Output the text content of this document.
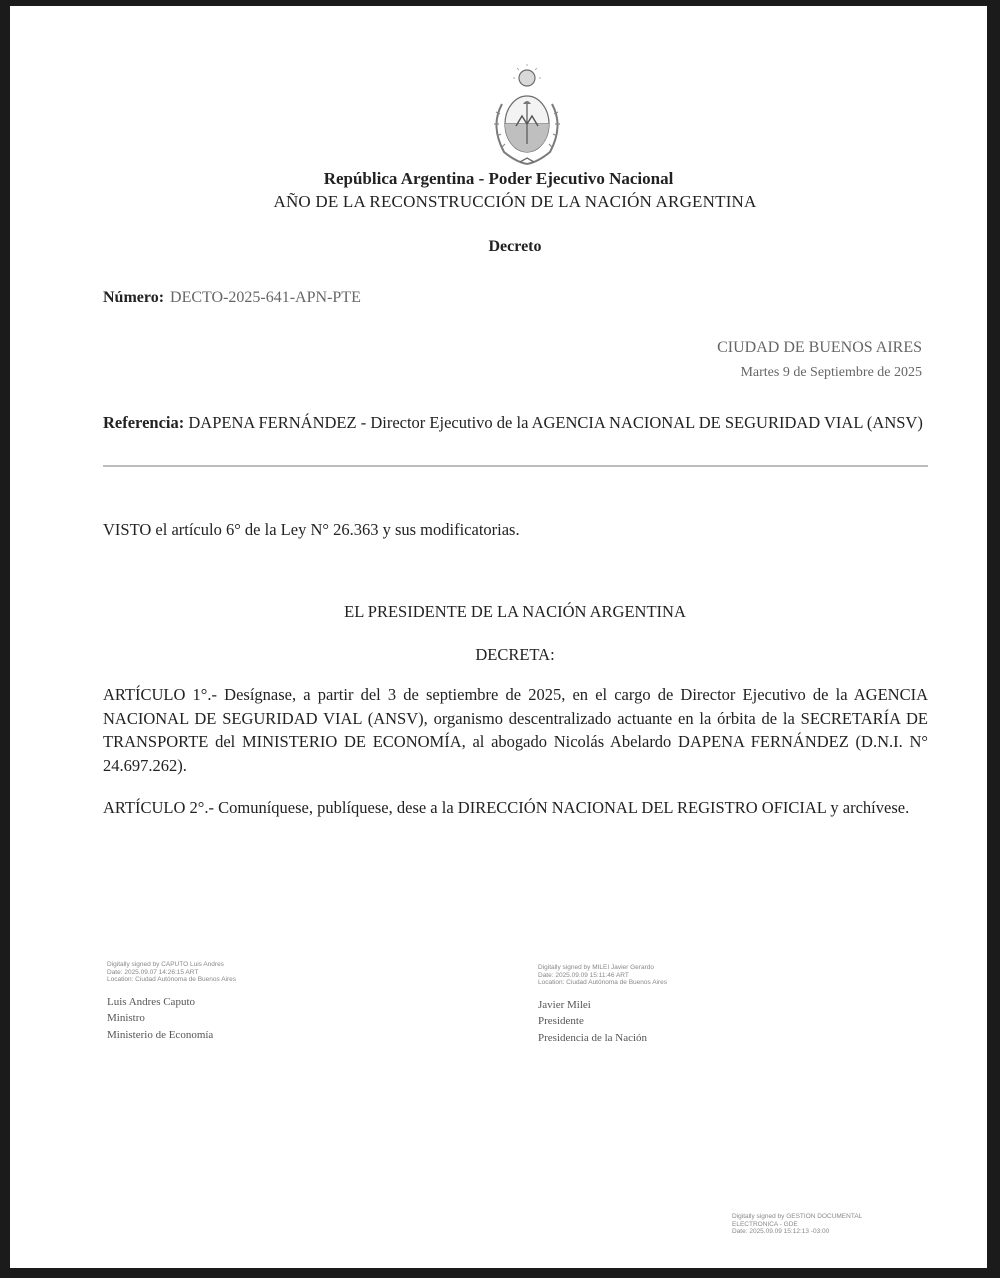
República Argentina - Poder Ejecutivo Nacional
AÑO DE LA RECONSTRUCCIÓN DE LA NACIÓN ARGENTINA
Decreto
Número: DECTO-2025-641-APN-PTE
CIUDAD DE BUENOS AIRES
Martes 9 de Septiembre de 2025
Referencia: DAPENA FERNÁNDEZ - Director Ejecutivo de la AGENCIA NACIONAL DE SEGURIDAD VIAL (ANSV)
VISTO el artículo 6° de la Ley N° 26.363 y sus modificatorias.
EL PRESIDENTE DE LA NACIÓN ARGENTINA
DECRETA:
ARTÍCULO 1°.- Desígnase, a partir del 3 de septiembre de 2025, en el cargo de Director Ejecutivo de la AGENCIA NACIONAL DE SEGURIDAD VIAL (ANSV), organismo descentralizado actuante en la órbita de la SECRETARÍA DE TRANSPORTE del MINISTERIO DE ECONOMÍA, al abogado Nicolás Abelardo DAPENA FERNÁNDEZ (D.N.I. N° 24.697.262).
ARTÍCULO 2°.- Comuníquese, publíquese, dese a la DIRECCIÓN NACIONAL DEL REGISTRO OFICIAL y archívese.
Digitally signed by CAPUTO Luis Andres
Date: 2025.09.07 14:26:15 ART
Location: Ciudad Autónoma de Buenos Aires
Luis Andres Caputo
Ministro
Ministerio de Economía
Digitally signed by MILEI Javier Gerardo
Date: 2025.09.09 15:11:46 ART
Location: Ciudad Autónoma de Buenos Aires
Javier Milei
Presidente
Presidencia de la Nación
Digitally signed by GESTION DOCUMENTAL
ELECTRONICA - GDE
Date: 2025.09.09 15:12:13 -03:00
